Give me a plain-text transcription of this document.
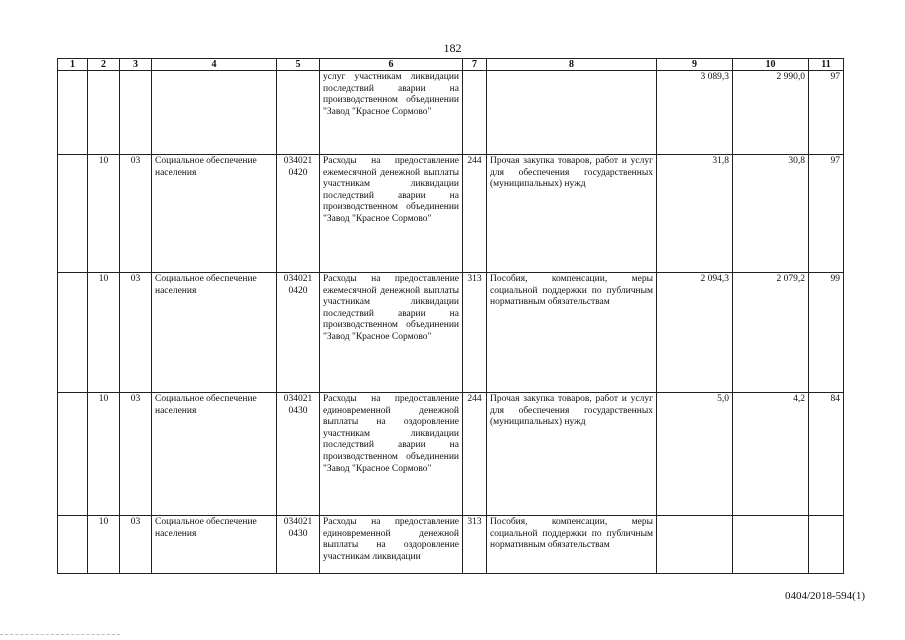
182
1	2	3	4	5	6	7	8	9	10	11
					услуг участникам ликвидации последствий аварии на производственном объединении "Завод "Красное Сормово"			3 089,3	2 990,0	97
	10	03	Социальное обеспечение населения	034021 0420	Расходы на предоставление ежемесячной денежной выплаты участникам ликвидации последствий аварии на производственном объединении "Завод "Красное Сормово"	244	Прочая закупка товаров, работ и услуг для обеспечения государственных (муниципальных) нужд	31,8	30,8	97
	10	03	Социальное обеспечение населения	034021 0420	Расходы на предоставление ежемесячной денежной выплаты участникам ликвидации последствий аварии на производственном объединении "Завод "Красное Сормово"	313	Пособия, компенсации, меры социальной поддержки по публичным нормативным обязательствам	2 094,3	2 079,2	99
	10	03	Социальное обеспечение населения	034021 0430	Расходы на предоставление единовременной денежной выплаты на оздоровление участникам ликвидации последствий аварии на производственном объединении "Завод "Красное Сормово"	244	Прочая закупка товаров, работ и услуг для обеспечения государственных (муниципальных) нужд	5,0	4,2	84
	10	03	Социальное обеспечение населения	034021 0430	Расходы на предоставление единовременной денежной выплаты на оздоровление участникам ликвидации	313	Пособия, компенсации, меры социальной поддержки по публичным нормативным обязательствам			
0404/2018-594(1)
